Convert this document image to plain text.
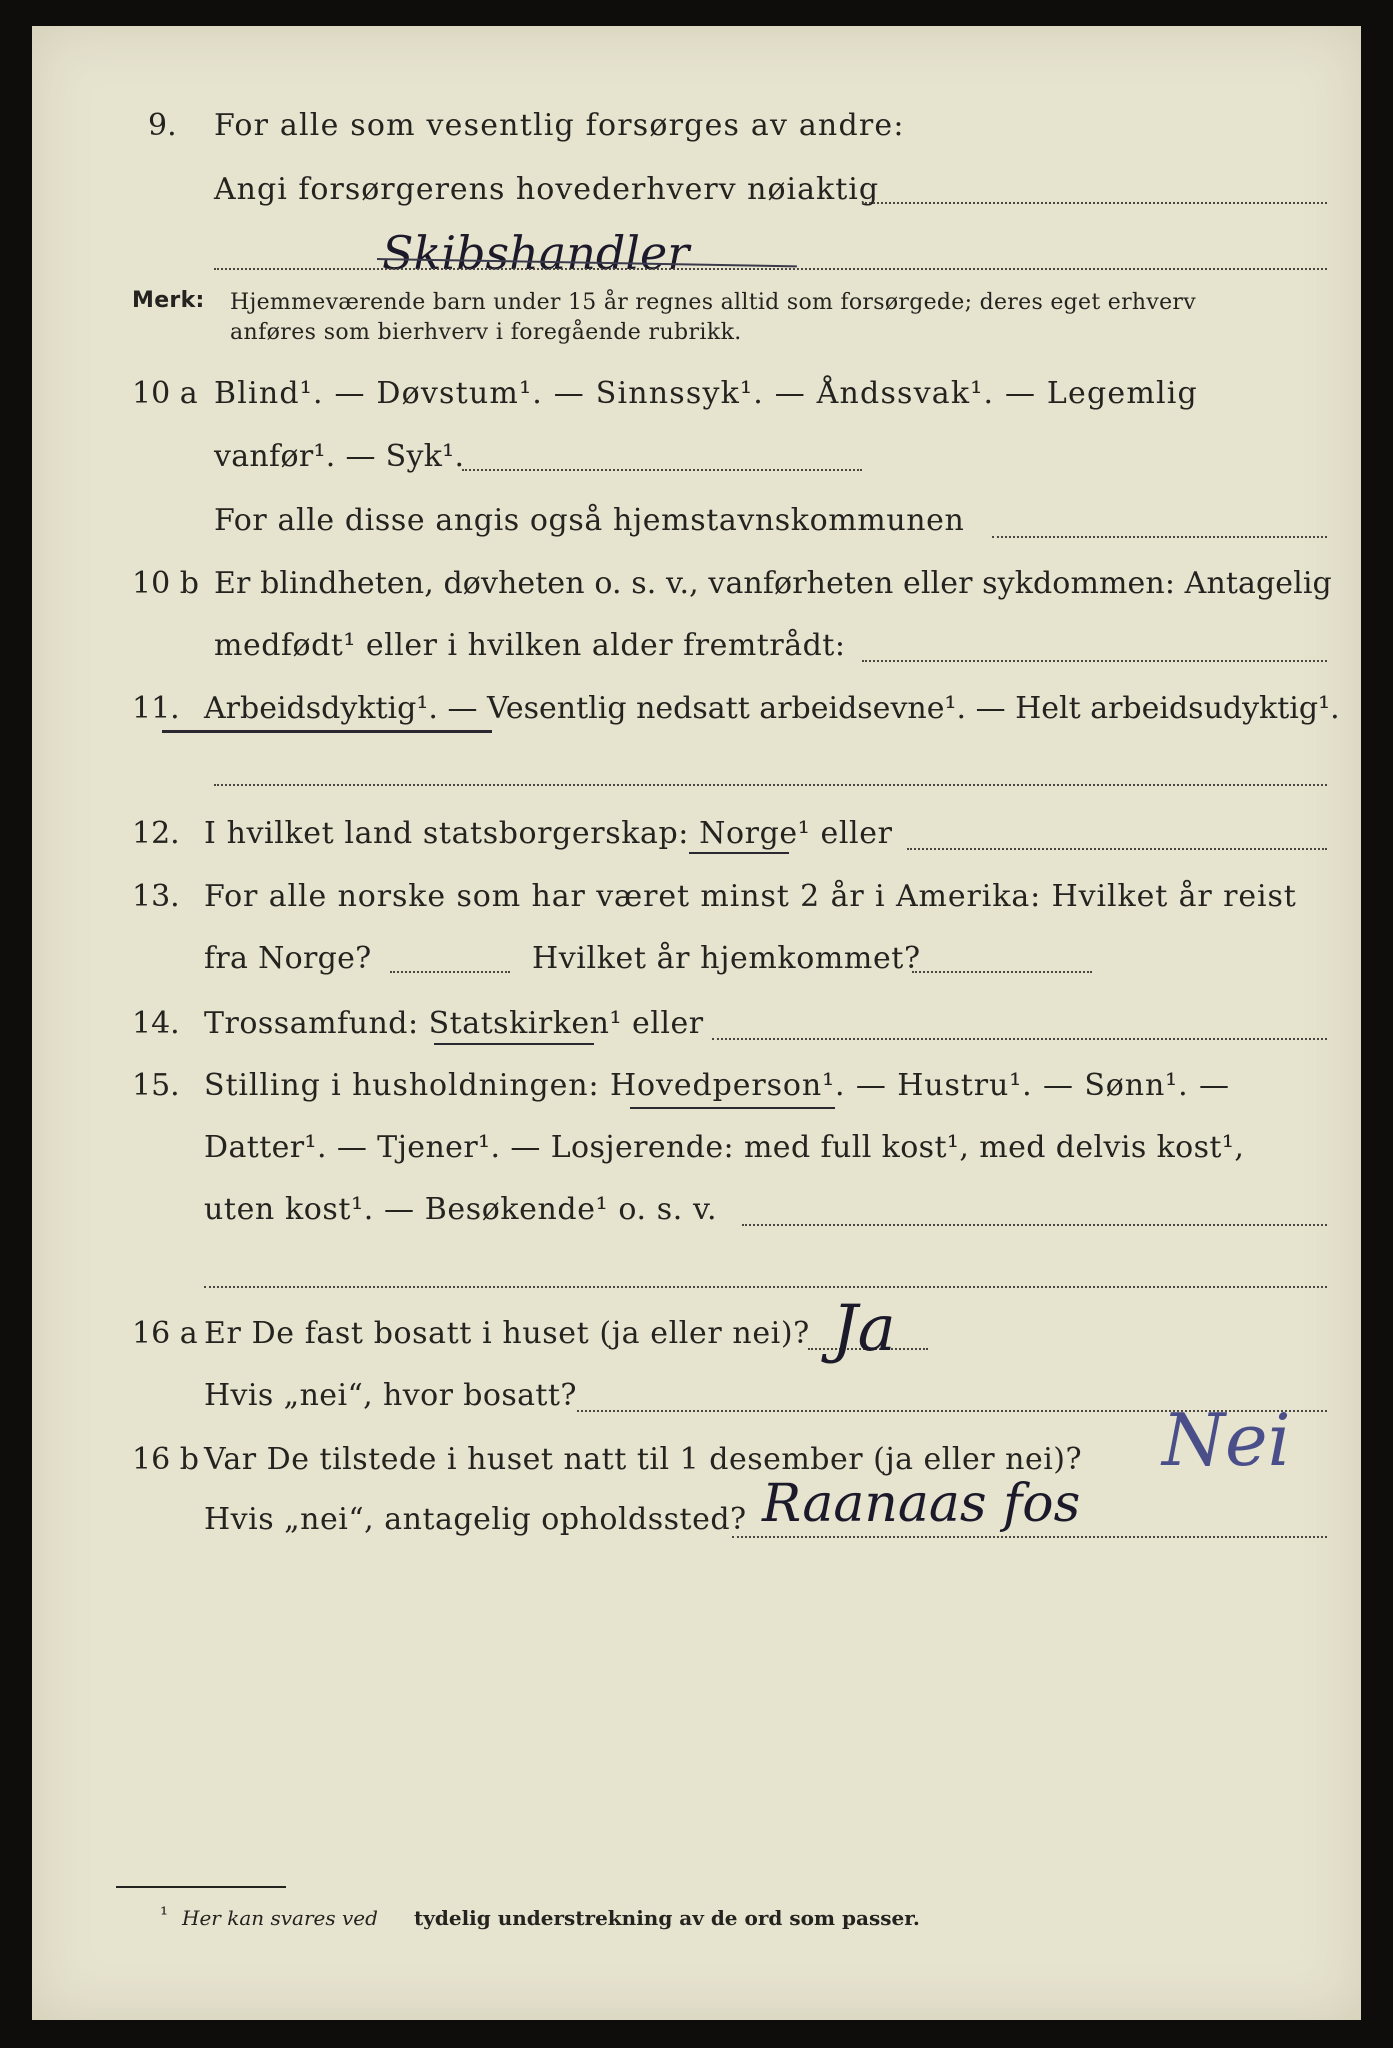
9. For alle som vesentlig forsørges av andre:
Angi forsørgerens hovederhverv nøiaktig
Skibshandler
Merk: Hjemmeværende barn under 15 år regnes alltid som forsørgede; deres eget erhverv
anføres som bierhverv i foregående rubrikk.
10 a Blind¹. — Døvstum¹. — Sinnssyk¹. — Åndssvak¹. — Legemlig
vanfør¹. — Syk¹.
For alle disse angis også hjemstavnskommunen
10 b Er blindheten, døvheten o. s. v., vanførheten eller sykdommen: Antagelig
medfødt¹ eller i hvilken alder fremtrådt:
11. Arbeidsdyktig¹. — Vesentlig nedsatt arbeidsevne¹. — Helt arbeidsudyktig¹.
12. I hvilket land statsborgerskap: Norge¹ eller
13. For alle norske som har været minst 2 år i Amerika: Hvilket år reist
fra Norge?	Hvilket år hjemkommet?
14. Trossamfund: Statskirken¹ eller
15. Stilling i husholdningen: Hovedperson¹. — Hustru¹. — Sønn¹. —
Datter¹. — Tjener¹. — Losjerende: med full kost¹, med delvis kost¹,
uten kost¹. — Besøkende¹ o. s. v.
16 a Er De fast bosatt i huset (ja eller nei)? Ja
Hvis „nei“, hvor bosatt?
16 b Var De tilstede i huset natt til 1 desember (ja eller nei)? Nei
Hvis „nei“, antagelig opholdssted? Raanaas fos
¹ Her kan svares ved tydelig understrekning av de ord som passer.
